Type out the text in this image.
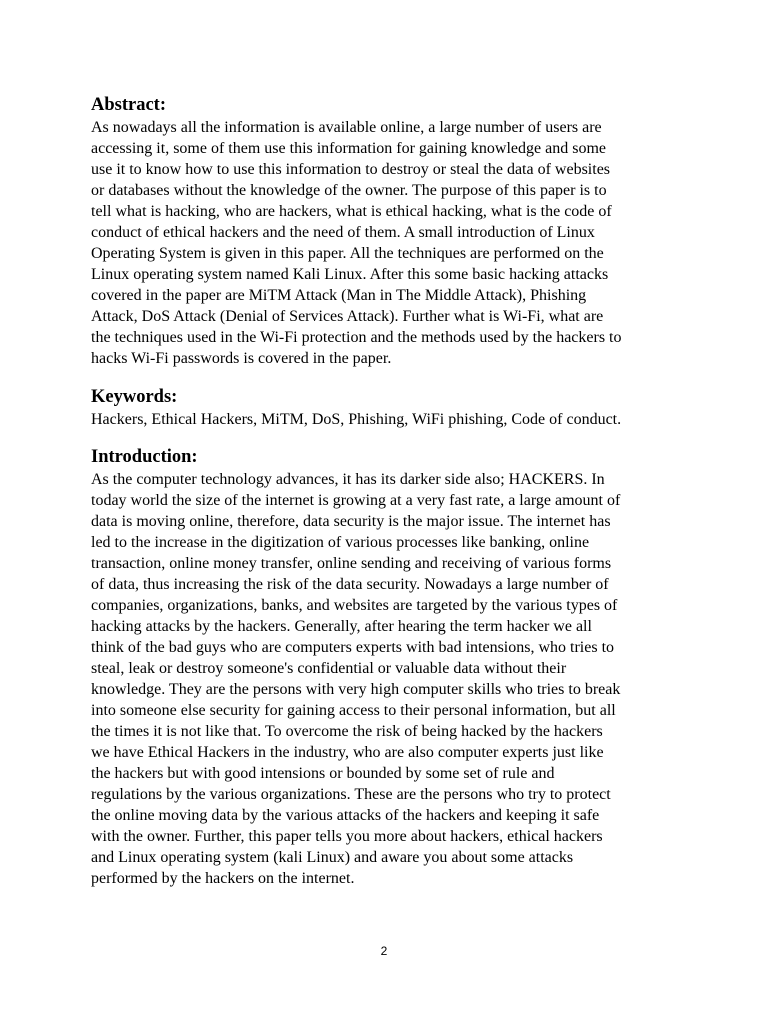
Abstract:
As nowadays all the information is available online, a large number of users are
accessing it, some of them use this information for gaining knowledge and some
use it to know how to use this information to destroy or steal the data of websites
or databases without the knowledge of the owner. The purpose of this paper is to
tell what is hacking, who are hackers, what is ethical hacking, what is the code of
conduct of ethical hackers and the need of them. A small introduction of Linux
Operating System is given in this paper. All the techniques are performed on the
Linux operating system named Kali Linux. After this some basic hacking attacks
covered in the paper are MiTM Attack (Man in The Middle Attack), Phishing
Attack, DoS Attack (Denial of Services Attack). Further what is Wi-Fi, what are
the techniques used in the Wi-Fi protection and the methods used by the hackers to
hacks Wi-Fi passwords is covered in the paper.
Keywords:
Hackers, Ethical Hackers, MiTM, DoS, Phishing, WiFi phishing, Code of conduct.
Introduction:
As the computer technology advances, it has its darker side also; HACKERS. In
today world the size of the internet is growing at a very fast rate, a large amount of
data is moving online, therefore, data security is the major issue. The internet has
led to the increase in the digitization of various processes like banking, online
transaction, online money transfer, online sending and receiving of various forms
of data, thus increasing the risk of the data security. Nowadays a large number of
companies, organizations, banks, and websites are targeted by the various types of
hacking attacks by the hackers. Generally, after hearing the term hacker we all
think of the bad guys who are computers experts with bad intensions, who tries to
steal, leak or destroy someone's confidential or valuable data without their
knowledge. They are the persons with very high computer skills who tries to break
into someone else security for gaining access to their personal information, but all
the times it is not like that. To overcome the risk of being hacked by the hackers
we have Ethical Hackers in the industry, who are also computer experts just like
the hackers but with good intensions or bounded by some set of rule and
regulations by the various organizations. These are the persons who try to protect
the online moving data by the various attacks of the hackers and keeping it safe
with the owner. Further, this paper tells you more about hackers, ethical hackers
and Linux operating system (kali Linux) and aware you about some attacks
performed by the hackers on the internet.
2
